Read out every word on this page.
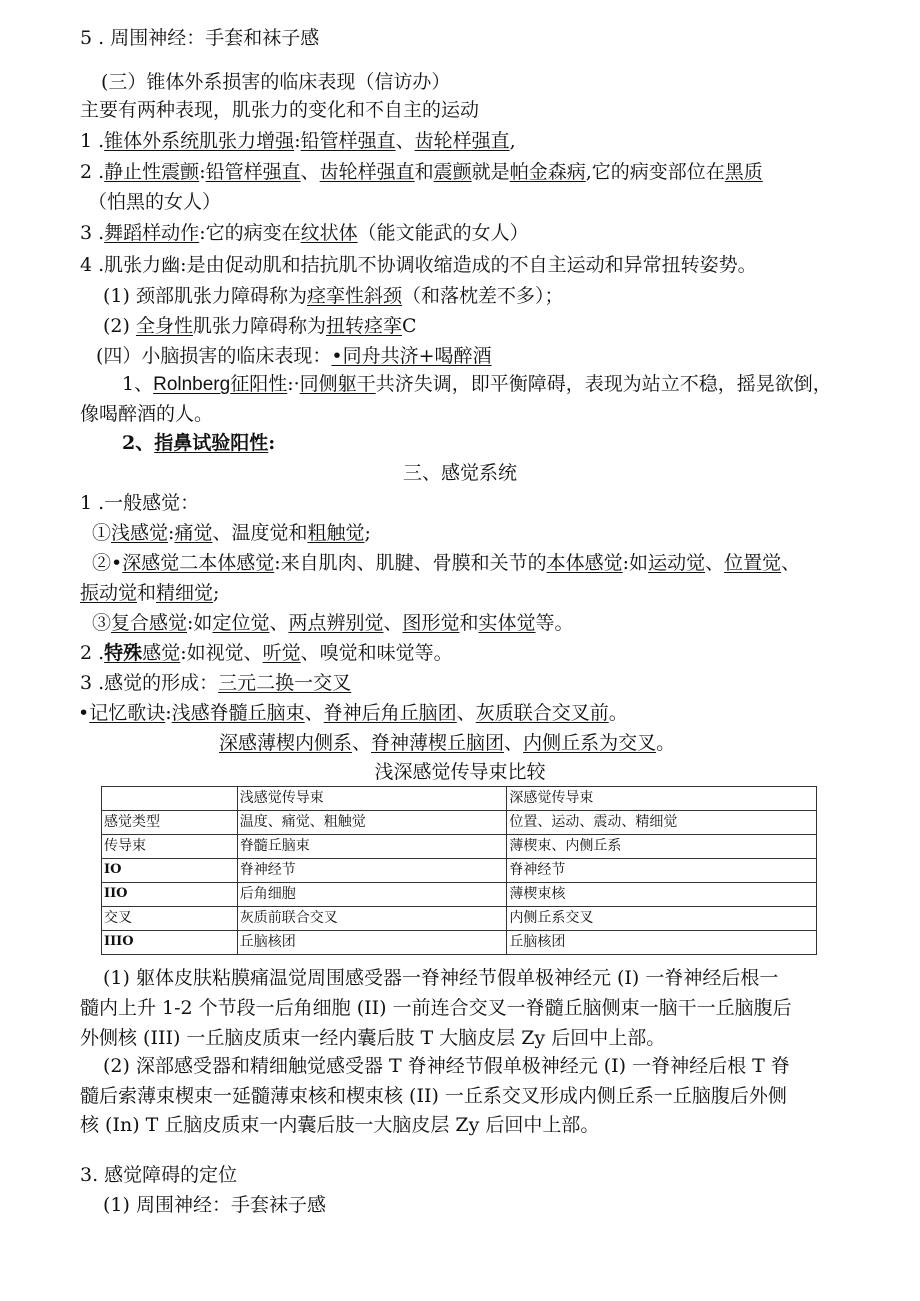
5 . 周围神经：手套和袜子感
(三）锥体外系损害的临床表现（信访办）
主要有两种表现，肌张力的变化和不自主的运动
1 .锥体外系统肌张力增强:铅管样强直、齿轮样强直,
2 .静止性震颤:铅管样强直、齿轮样强直和震颤就是帕金森病,它的病变部位在黑质
（怕黑的女人）
3 .舞蹈样动作:它的病变在纹状体（能文能武的女人）
4 .肌张力幽:是由促动肌和拮抗肌不协调收缩造成的不自主运动和异常扭转姿势。
(1) 颈部肌张力障碍称为痉挛性斜颈（和落枕差不多）；
(2) 全身性肌张力障碍称为扭转痉挛C
(四）小脑损害的临床表现：•同舟共济+喝醉酒
1、Rolnberg征阳性:·同侧躯干共济失调，即平衡障碍，表现为站立不稳，摇晃欲倒，
像喝醉酒的人。
2、指鼻试验阳性:
三、感觉系统
1 .一般感觉：
①浅感觉:痛觉、温度觉和粗触觉;
②•深感觉二本体感觉:来自肌肉、肌腱、骨膜和关节的本体感觉:如运动觉、位置觉、
振动觉和精细觉;
③复合感觉:如定位觉、两点辨别觉、图形觉和实体觉等。
2 .特殊感觉:如视觉、听觉、嗅觉和味觉等。
3 .感觉的形成：三元二换一交叉
•记忆歌诀:浅感脊髓丘脑束、脊神后角丘脑团、灰质联合交叉前。
深感薄楔内侧系、脊神薄楔丘脑团、内侧丘系为交叉。
浅深感觉传导束比较
	浅感觉传导束	深感觉传导束
感觉类型	温度、痛觉、粗触觉	位置、运动、震动、精细觉
传导束	脊髓丘脑束	薄楔束、内侧丘系
IO	脊神经节	脊神经节
IIO	后角细胞	薄楔束核
交叉	灰质前联合交叉	内侧丘系交叉
IIIO	丘脑核团	丘脑核团
(1) 躯体皮肤粘膜痛温觉周围感受器一脊神经节假单极神经元 (I) 一脊神经后根一
髓内上升 1-2 个节段一后角细胞 (II) 一前连合交叉一脊髓丘脑侧束一脑干一丘脑腹后
外侧核 (III) 一丘脑皮质束一经内囊后肢 T 大脑皮层 Zy 后回中上部。
(2) 深部感受器和精细触觉感受器 T 脊神经节假单极神经元 (I) 一脊神经后根 T 脊
髓后索薄束楔束一延髓薄束核和楔束核 (II) 一丘系交叉形成内侧丘系一丘脑腹后外侧
核 (In) T 丘脑皮质束一内囊后肢一大脑皮层 Zy 后回中上部。
3. 感觉障碍的定位
(1) 周围神经：手套袜子感
